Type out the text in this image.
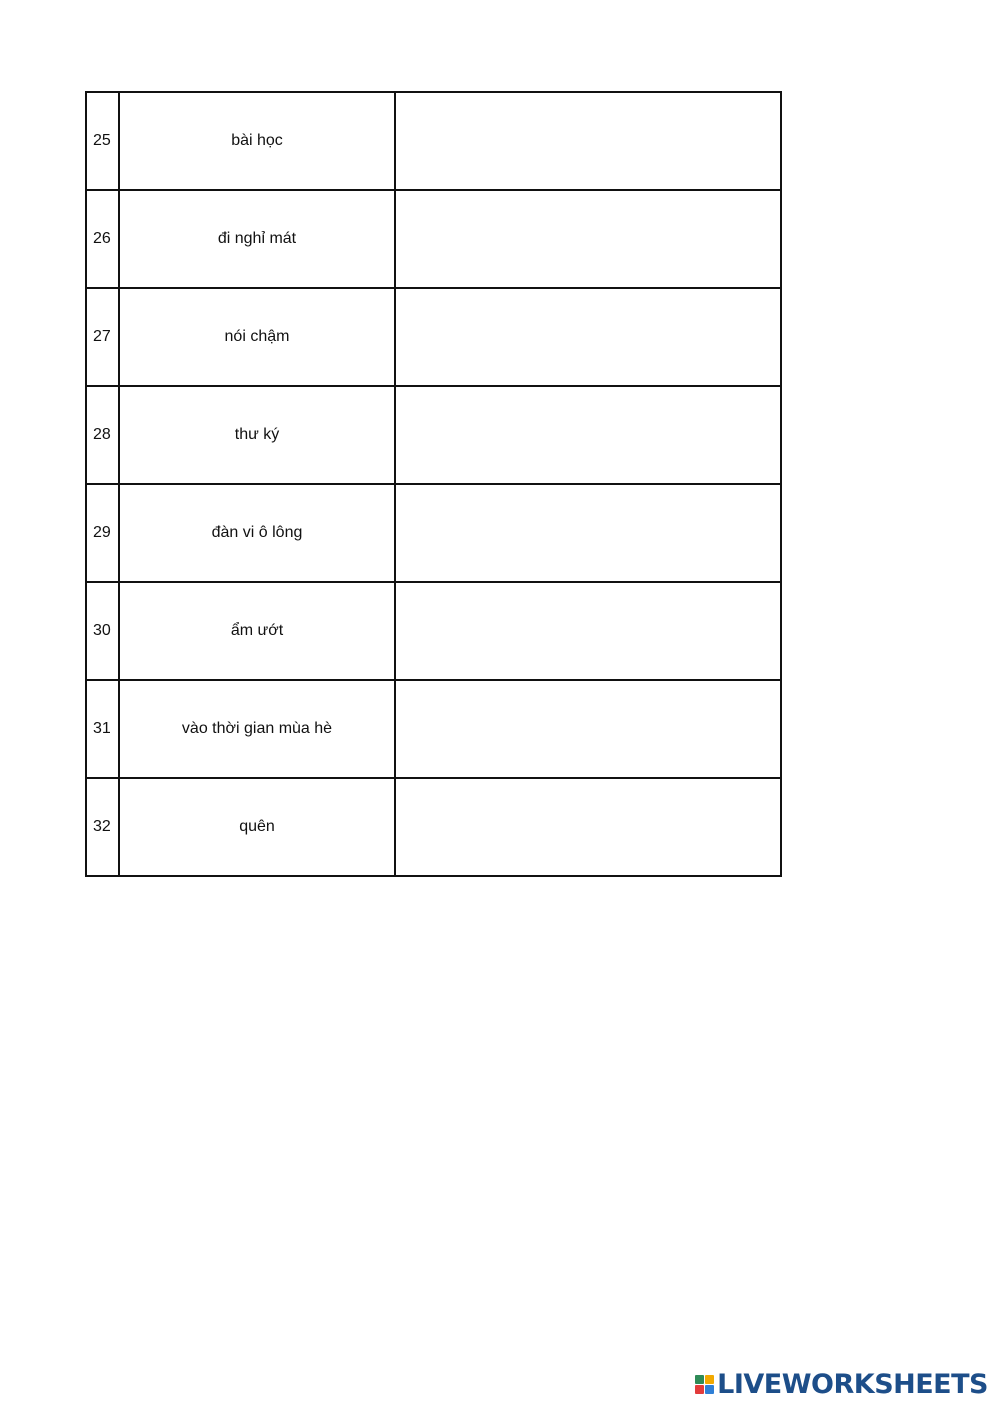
25	bài học	

26	đi nghỉ mát	

27	nói chậm	

28	thư ký	

29	đàn vi ô lông	

30	ẩm ướt	

31	vào thời gian mùa hè	

32	quên	
LIVEWORKSHEETS
